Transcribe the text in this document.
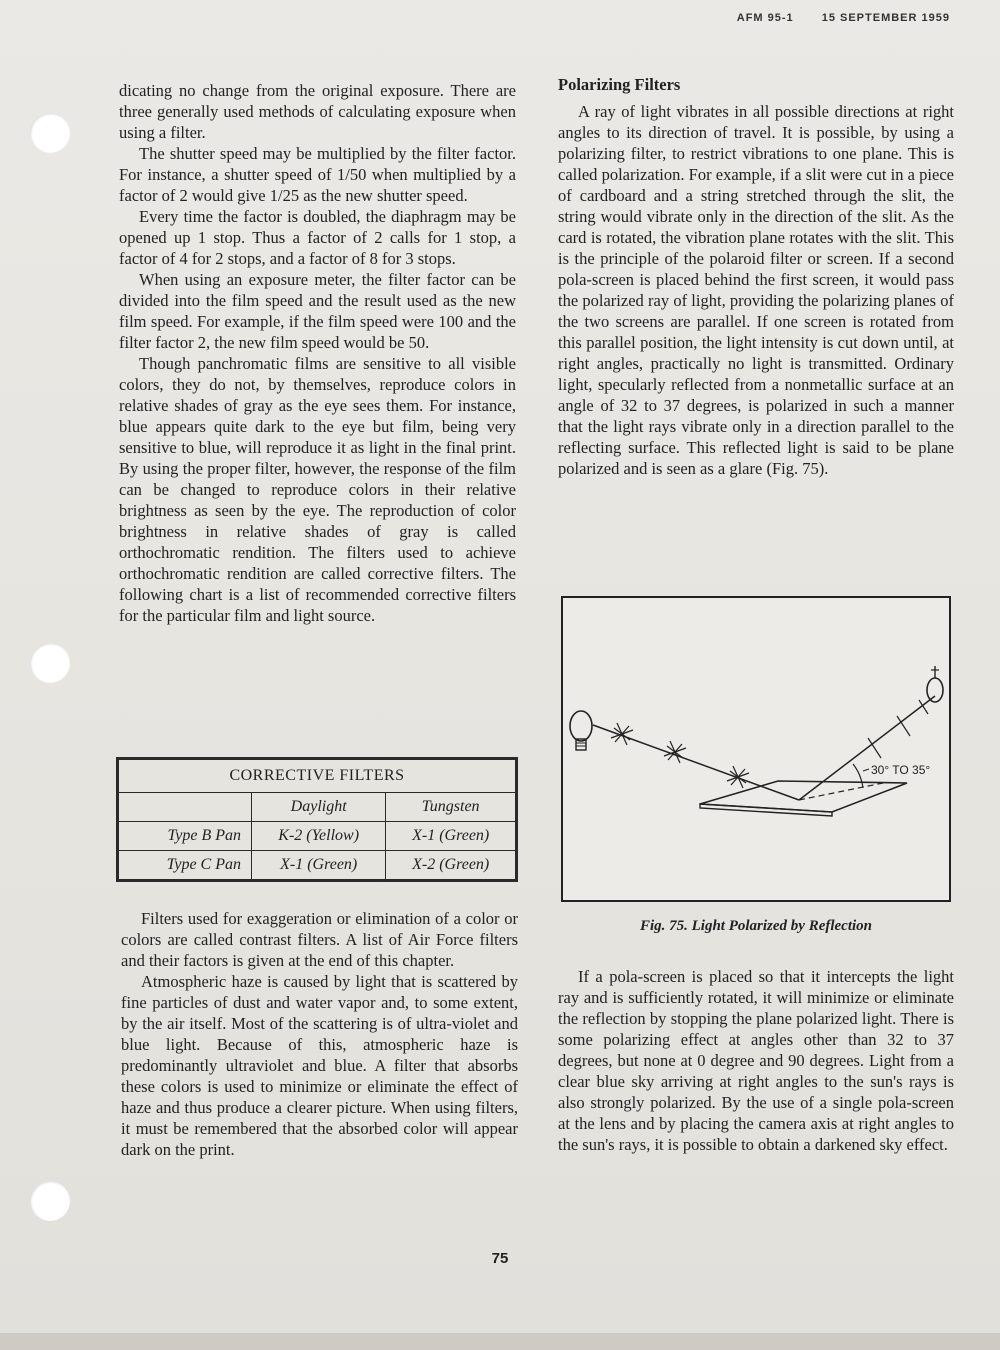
AFM 95-1	15 SEPTEMBER 1959

dicating no change from the original exposure. There are three generally used methods of calculating exposure when using a filter.

The shutter speed may be multiplied by the filter factor. For instance, a shutter speed of 1/50 when multiplied by a factor of 2 would give 1/25 as the new shutter speed.

Every time the factor is doubled, the diaphragm may be opened up 1 stop. Thus a factor of 2 calls for 1 stop, a factor of 4 for 2 stops, and a factor of 8 for 3 stops.

When using an exposure meter, the filter factor can be divided into the film speed and the result used as the new film speed. For example, if the film speed were 100 and the filter factor 2, the new film speed would be 50.

Though panchromatic films are sensitive to all visible colors, they do not, by themselves, reproduce colors in relative shades of gray as the eye sees them. For instance, blue appears quite dark to the eye but film, being very sensitive to blue, will reproduce it as light in the final print. By using the proper filter, however, the response of the film can be changed to reproduce colors in their relative brightness as seen by the eye. The reproduction of color brightness in relative shades of gray is called orthochromatic rendition. The filters used to achieve orthochromatic rendition are called corrective filters. The following chart is a list of recommended corrective filters for the particular film and light source.

CORRECTIVE FILTERS		
	Daylight	Tungsten
Type B Pan	K-2 (Yellow)	X-1 (Green)
Type C Pan	X-1 (Green)	X-2 (Green)

Filters used for exaggeration or elimination of a color or colors are called contrast filters. A list of Air Force filters and their factors is given at the end of this chapter.

Atmospheric haze is caused by light that is scattered by fine particles of dust and water vapor and, to some extent, by the air itself. Most of the scattering is of ultra-violet and blue light. Because of this, atmospheric haze is predominantly ultraviolet and blue. A filter that absorbs these colors is used to minimize or eliminate the effect of haze and thus produce a clearer picture. When using filters, it must be remembered that the absorbed color will appear dark on the print.

Polarizing Filters

A ray of light vibrates in all possible directions at right angles to its direction of travel. It is possible, by using a polarizing filter, to restrict vibrations to one plane. This is called polarization. For example, if a slit were cut in a piece of cardboard and a string stretched through the slit, the string would vibrate only in the direction of the slit. As the card is rotated, the vibration plane rotates with the slit. This is the principle of the polaroid filter or screen. If a second pola-screen is placed behind the first screen, it would pass the polarized ray of light, providing the polarizing planes of the two screens are parallel. If one screen is rotated from this parallel position, the light intensity is cut down until, at right angles, practically no light is transmitted. Ordinary light, specularly reflected from a nonmetallic surface at an angle of 32 to 37 degrees, is polarized in such a manner that the light rays vibrate only in a direction parallel to the reflecting surface. This reflected light is said to be plane polarized and is seen as a glare (Fig. 75).

30° TO 35°
Fig. 75. Light Polarized by Reflection

If a pola-screen is placed so that it intercepts the light ray and is sufficiently rotated, it will minimize or eliminate the reflection by stopping the plane polarized light. There is some polarizing effect at angles other than 32 to 37 degrees, but none at 0 degree and 90 degrees. Light from a clear blue sky arriving at right angles to the sun's rays is also strongly polarized. By the use of a single pola-screen at the lens and by placing the camera axis at right angles to the sun's rays, it is possible to obtain a darkened sky effect.

75
